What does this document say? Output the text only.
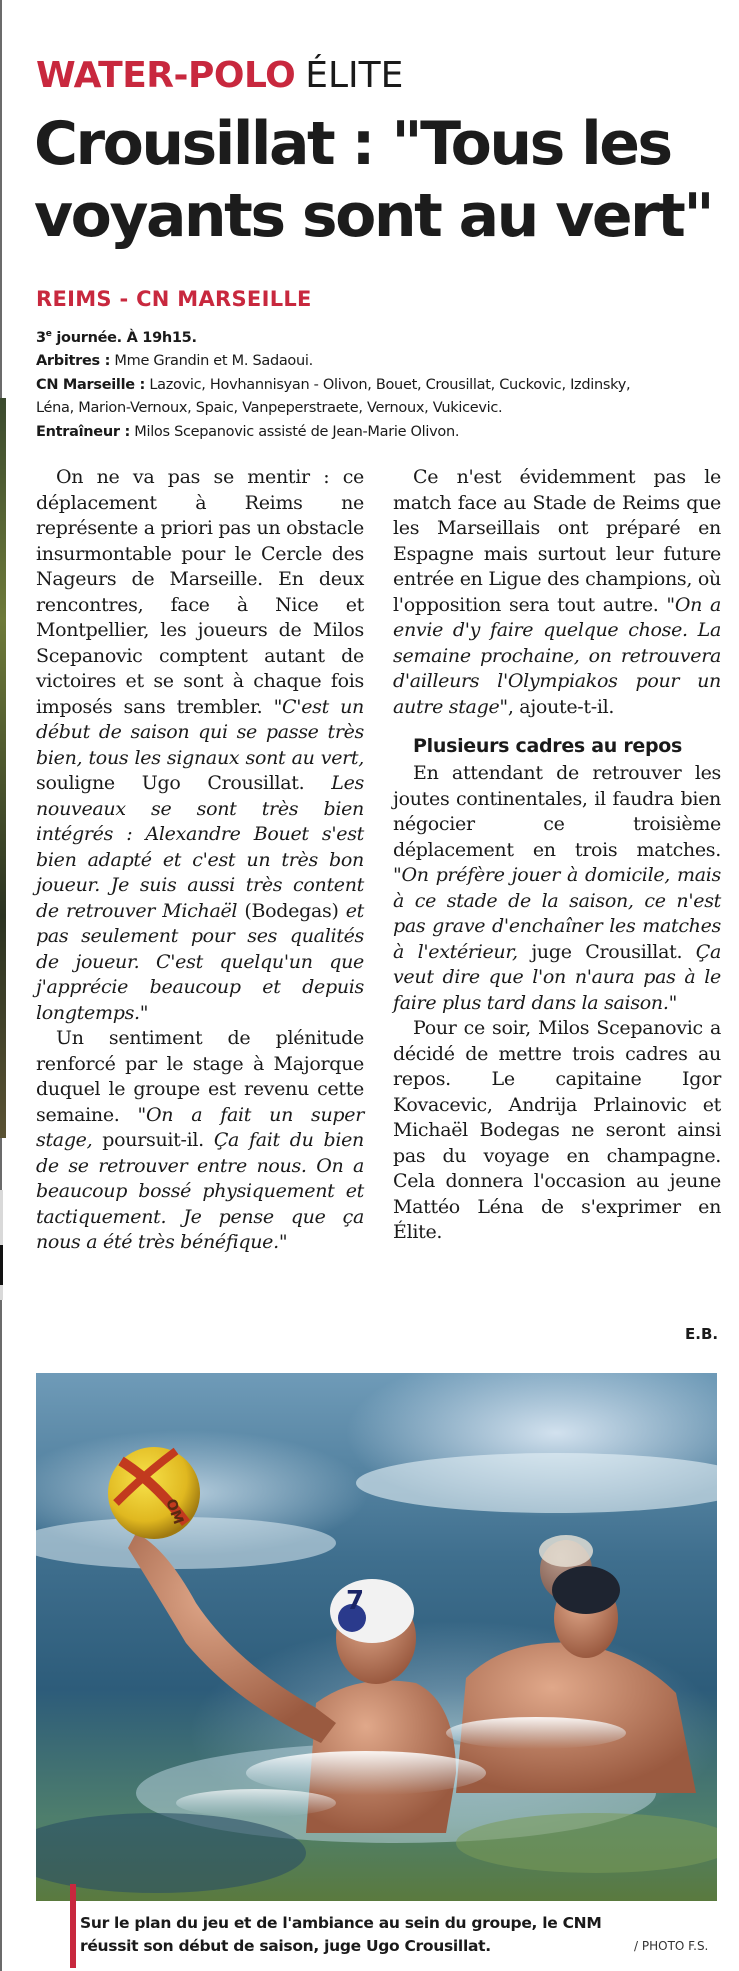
WATER-POLO ÉLITE
Crousillat : "Tous les voyants sont au vert"
REIMS - CN MARSEILLE

3e journée. À 19h15.

Arbitres : Mme Grandin et M. Sadaoui.

CN Marseille : Lazovic, Hovhannisyan - Olivon, Bouet, Crousillat, Cuckovic, Izdinsky,

Léna, Marion-Vernoux, Spaic, Vanpeperstraete, Vernoux, Vukicevic.

Entraîneur : Milos Scepanovic assisté de Jean-Marie Olivon.

On ne va pas se mentir : ce déplacement à Reims ne représente a priori pas un obstacle insurmontable pour le Cercle des Nageurs de Marseille. En deux rencontres, face à Nice et Montpellier, les joueurs de Milos Scepanovic comptent autant de victoires et se sont à chaque fois imposés sans trembler. "C'est un début de saison qui se passe très bien, tous les signaux sont au vert, souligne Ugo Crousillat. Les nouveaux se sont très bien intégrés : Alexandre Bouet s'est bien adapté et c'est un très bon joueur. Je suis aussi très content de retrouver Michaël (Bodegas) et pas seulement pour ses qualités de joueur. C'est quelqu'un que j'apprécie beaucoup et depuis longtemps."

Un sentiment de plénitude renforcé par le stage à Majorque duquel le groupe est revenu cette semaine. "On a fait un super stage, poursuit-il. Ça fait du bien de se retrouver entre nous. On a beaucoup bossé physiquement et tactiquement. Je pense que ça nous a été très bénéfique."

Ce n'est évidemment pas le match face au Stade de Reims que les Marseillais ont préparé en Espagne mais surtout leur future entrée en Ligue des champions, où l'opposition sera tout autre. "On a envie d'y faire quelque chose. La semaine prochaine, on retrouvera d'ailleurs l'Olympiakos pour un autre stage", ajoute-t-il.

Plusieurs cadres au repos

En attendant de retrouver les joutes continentales, il faudra bien négocier ce troisième déplacement en trois matches. "On préfère jouer à domicile, mais à ce stade de la saison, ce n'est pas grave d'enchaîner les matches à l'extérieur, juge Crousillat. Ça veut dire que l'on n'aura pas à le faire plus tard dans la saison."

Pour ce soir, Milos Scepanovic a décidé de mettre trois cadres au repos. Le capitaine Igor Kovacevic, Andrija Prlainovic et Michaël Bodegas ne seront ainsi pas du voyage en champagne. Cela donnera l'occasion au jeune Mattéo Léna de s'exprimer en Élite.

E.B.
7
OM
Sur le plan du jeu et de l'ambiance au sein du groupe, le CNM réussit son début de saison, juge Ugo Crousillat.	/ PHOTO F.S.
